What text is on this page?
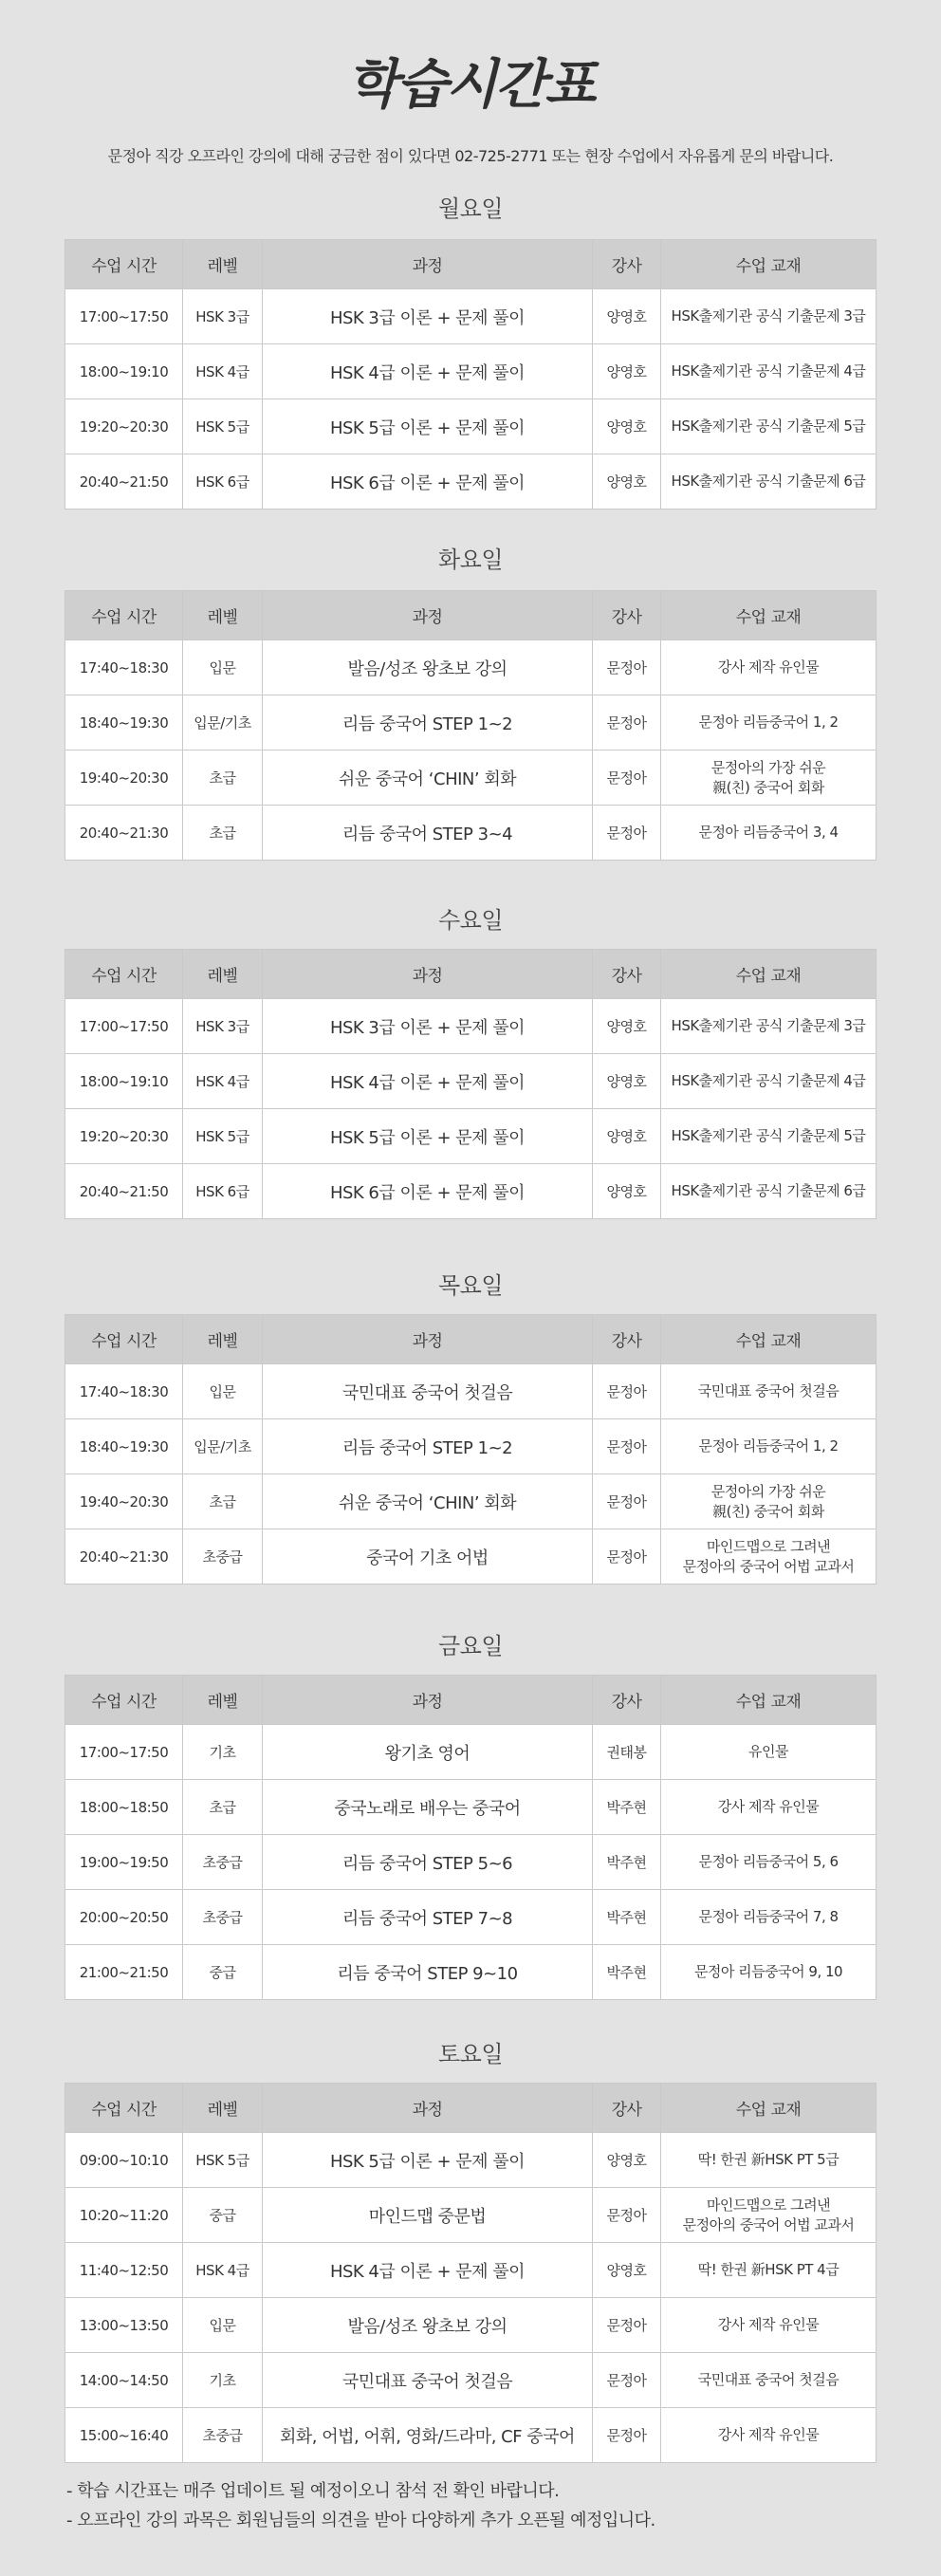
학습시간표
문정아 직강 오프라인 강의에 대해 궁금한 점이 있다면 02-725-2771 또는 현장 수업에서 자유롭게 문의 바랍니다.
월요일
수업 시간	레벨	과정	강사	수업 교재
17:00~17:50	HSK 3급	HSK 3급 이론 + 문제 풀이	양영호	HSK출제기관 공식 기출문제 3급
18:00~19:10	HSK 4급	HSK 4급 이론 + 문제 풀이	양영호	HSK출제기관 공식 기출문제 4급
19:20~20:30	HSK 5급	HSK 5급 이론 + 문제 풀이	양영호	HSK출제기관 공식 기출문제 5급
20:40~21:50	HSK 6급	HSK 6급 이론 + 문제 풀이	양영호	HSK출제기관 공식 기출문제 6급
화요일
수업 시간	레벨	과정	강사	수업 교재
17:40~18:30	입문	발음/성조 왕초보 강의	문정아	강사 제작 유인물
18:40~19:30	입문/기초	리듬 중국어 STEP 1~2	문정아	문정아 리듬중국어 1, 2
19:40~20:30	초급	쉬운 중국어 ‘CHIN’ 회화	문정아	문정아의 가장 쉬운
親(친) 중국어 회화
20:40~21:30	초급	리듬 중국어 STEP 3~4	문정아	문정아 리듬중국어 3, 4
수요일
수업 시간	레벨	과정	강사	수업 교재
17:00~17:50	HSK 3급	HSK 3급 이론 + 문제 풀이	양영호	HSK출제기관 공식 기출문제 3급
18:00~19:10	HSK 4급	HSK 4급 이론 + 문제 풀이	양영호	HSK출제기관 공식 기출문제 4급
19:20~20:30	HSK 5급	HSK 5급 이론 + 문제 풀이	양영호	HSK출제기관 공식 기출문제 5급
20:40~21:50	HSK 6급	HSK 6급 이론 + 문제 풀이	양영호	HSK출제기관 공식 기출문제 6급
목요일
수업 시간	레벨	과정	강사	수업 교재
17:40~18:30	입문	국민대표 중국어 첫걸음	문정아	국민대표 중국어 첫걸음
18:40~19:30	입문/기초	리듬 중국어 STEP 1~2	문정아	문정아 리듬중국어 1, 2
19:40~20:30	초급	쉬운 중국어 ‘CHIN’ 회화	문정아	문정아의 가장 쉬운
親(친) 중국어 회화
20:40~21:30	초중급	중국어 기초 어법	문정아	마인드맵으로 그려낸
문정아의 중국어 어법 교과서
금요일
수업 시간	레벨	과정	강사	수업 교재
17:00~17:50	기초	왕기초 영어	권태봉	유인물
18:00~18:50	초급	중국노래로 배우는 중국어	박주현	강사 제작 유인물
19:00~19:50	초중급	리듬 중국어 STEP 5~6	박주현	문정아 리듬중국어 5, 6
20:00~20:50	초중급	리듬 중국어 STEP 7~8	박주현	문정아 리듬중국어 7, 8
21:00~21:50	중급	리듬 중국어 STEP 9~10	박주현	문정아 리듬중국어 9, 10
토요일
수업 시간	레벨	과정	강사	수업 교재
09:00~10:10	HSK 5급	HSK 5급 이론 + 문제 풀이	양영호	딱! 한권 新HSK PT 5급
10:20~11:20	중급	마인드맵 중문법	문정아	마인드맵으로 그려낸
문정아의 중국어 어법 교과서
11:40~12:50	HSK 4급	HSK 4급 이론 + 문제 풀이	양영호	딱! 한권 新HSK PT 4급
13:00~13:50	입문	발음/성조 왕초보 강의	문정아	강사 제작 유인물
14:00~14:50	기초	국민대표 중국어 첫걸음	문정아	국민대표 중국어 첫걸음
15:00~16:40	초중급	회화, 어법, 어휘, 영화/드라마, CF 중국어	문정아	강사 제작 유인물
- 학습 시간표는 매주 업데이트 될 예정이오니 참석 전 확인 바랍니다.
- 오프라인 강의 과목은 회원님들의 의견을 받아 다양하게 추가 오픈될 예정입니다.
